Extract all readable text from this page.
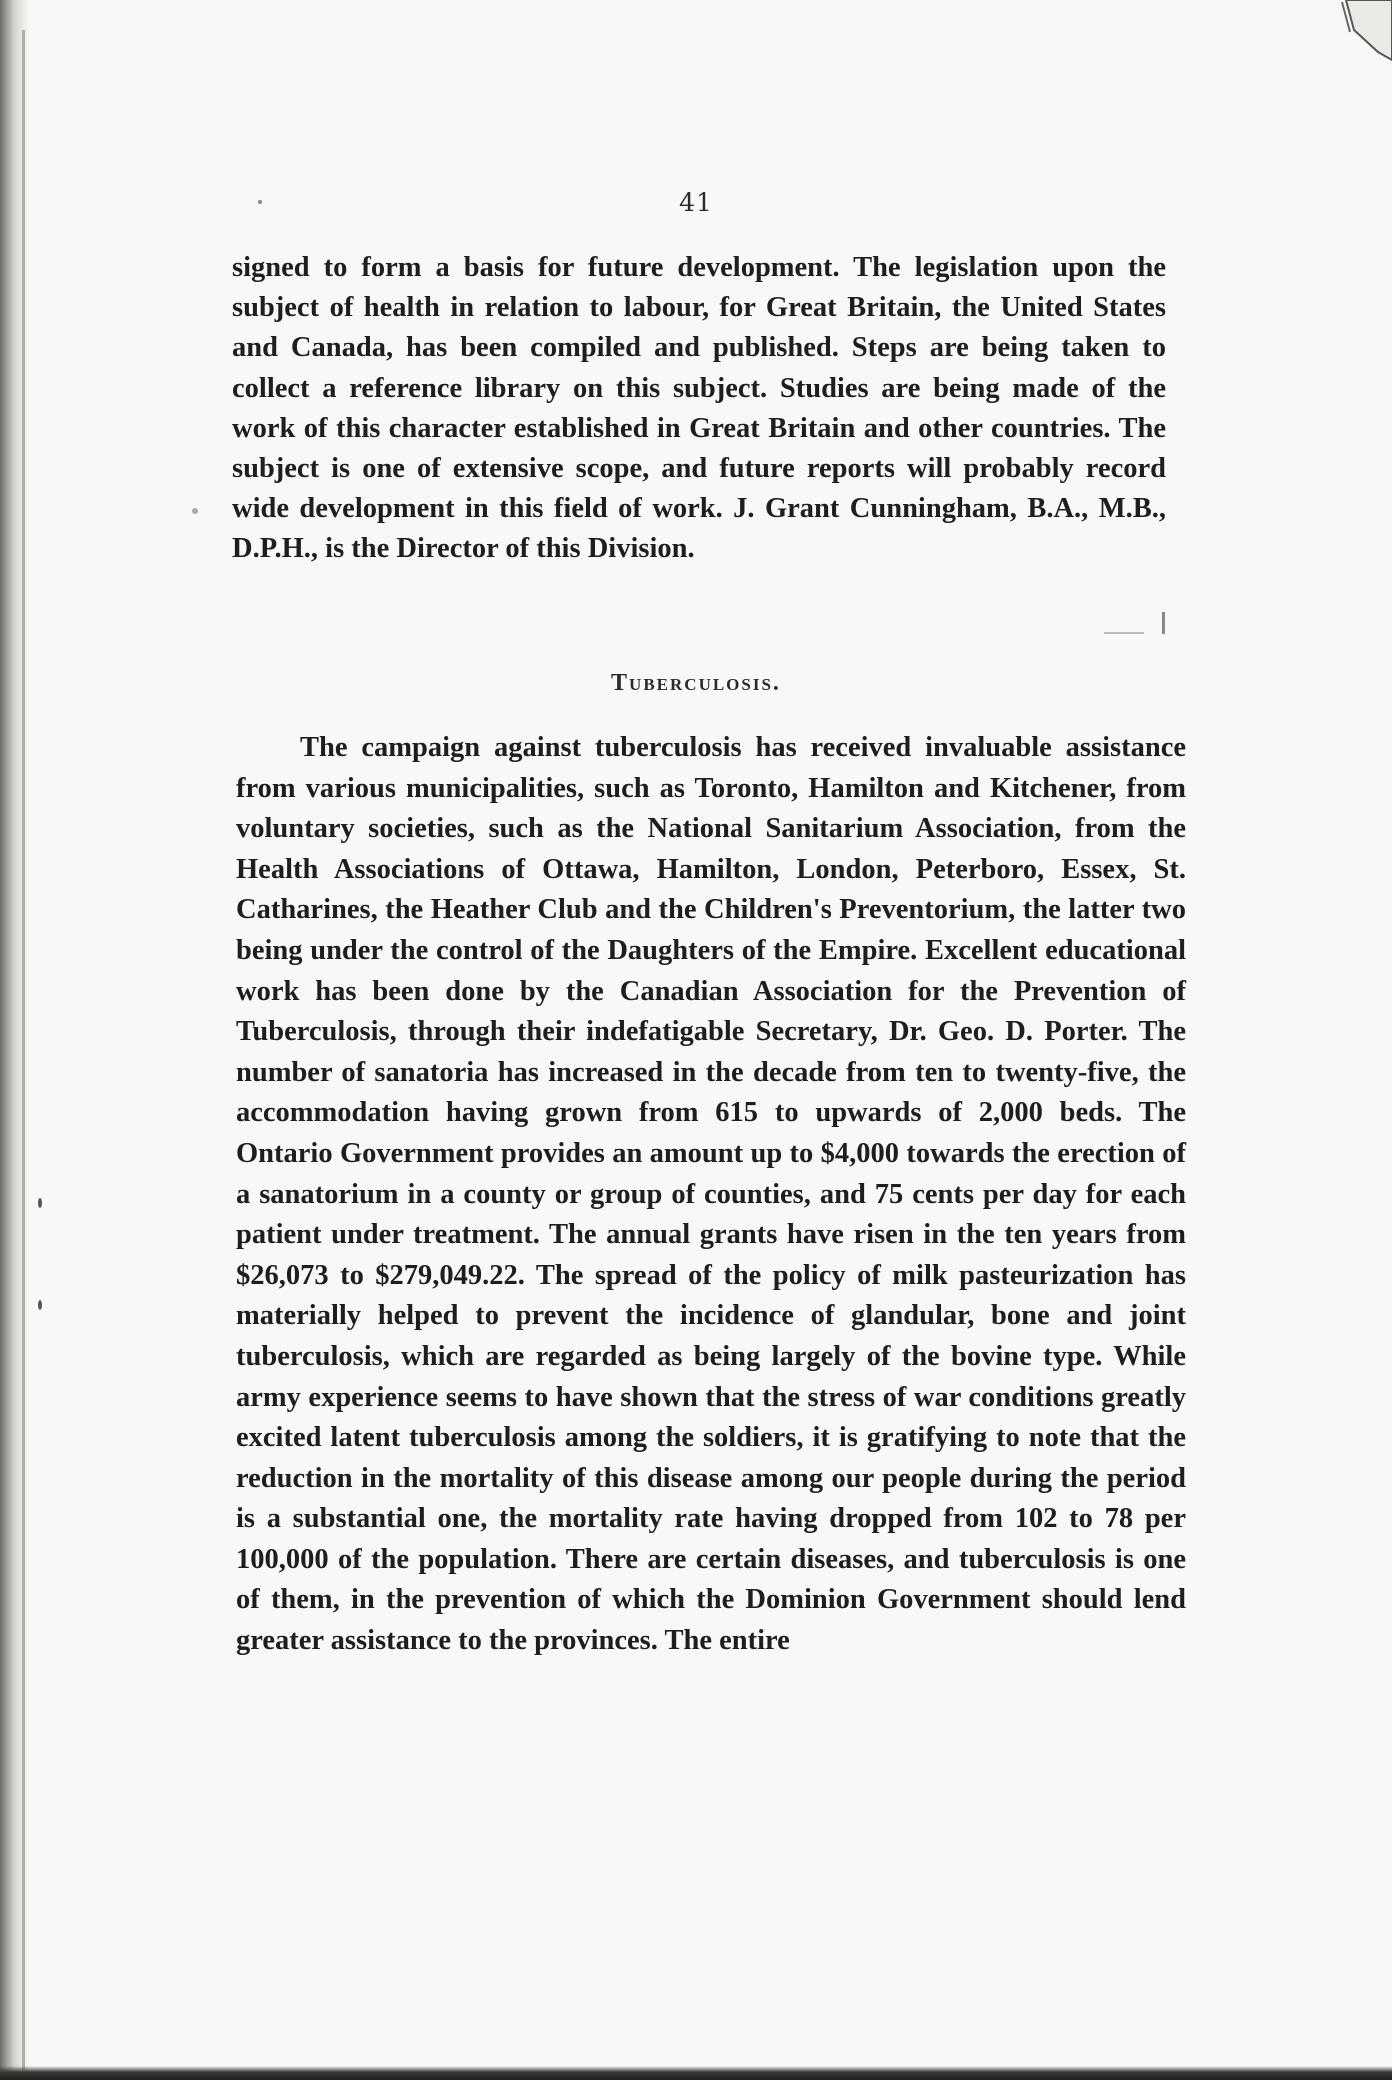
41
signed to form a basis for future development. The legislation upon the subject of health in relation to labour, for Great Britain, the United States and Canada, has been compiled and published. Steps are being taken to collect a reference library on this subject. Studies are being made of the work of this character established in Great Britain and other countries. The subject is one of extensive scope, and future reports will probably record wide development in this field of work. J. Grant Cunningham, B.A., M.B., D.P.H., is the Director of this Division.
Tuberculosis.
The campaign against tuberculosis has received invaluable assistance from various municipalities, such as Toronto, Hamilton and Kitchener, from voluntary societies, such as the National Sanitarium Association, from the Health Associations of Ottawa, Hamilton, London, Peterboro, Essex, St. Catharines, the Heather Club and the Children's Preventorium, the latter two being under the control of the Daughters of the Empire. Excellent educational work has been done by the Canadian Association for the Prevention of Tuberculosis, through their indefatigable Secretary, Dr. Geo. D. Porter. The number of sanatoria has increased in the decade from ten to twenty-five, the accommodation having grown from 615 to upwards of 2,000 beds. The Ontario Government provides an amount up to $4,000 towards the erection of a sanatorium in a county or group of counties, and 75 cents per day for each patient under treatment. The annual grants have risen in the ten years from $26,073 to $279,049.22. The spread of the policy of milk pasteurization has materially helped to prevent the incidence of glandular, bone and joint tuberculosis, which are regarded as being largely of the bovine type. While army experience seems to have shown that the stress of war conditions greatly excited latent tuberculosis among the soldiers, it is gratifying to note that the reduction in the mortality of this disease among our people during the period is a substantial one, the mortality rate having dropped from 102 to 78 per 100,000 of the population. There are certain diseases, and tuberculosis is one of them, in the prevention of which the Dominion Government should lend greater assistance to the provinces. The entire
